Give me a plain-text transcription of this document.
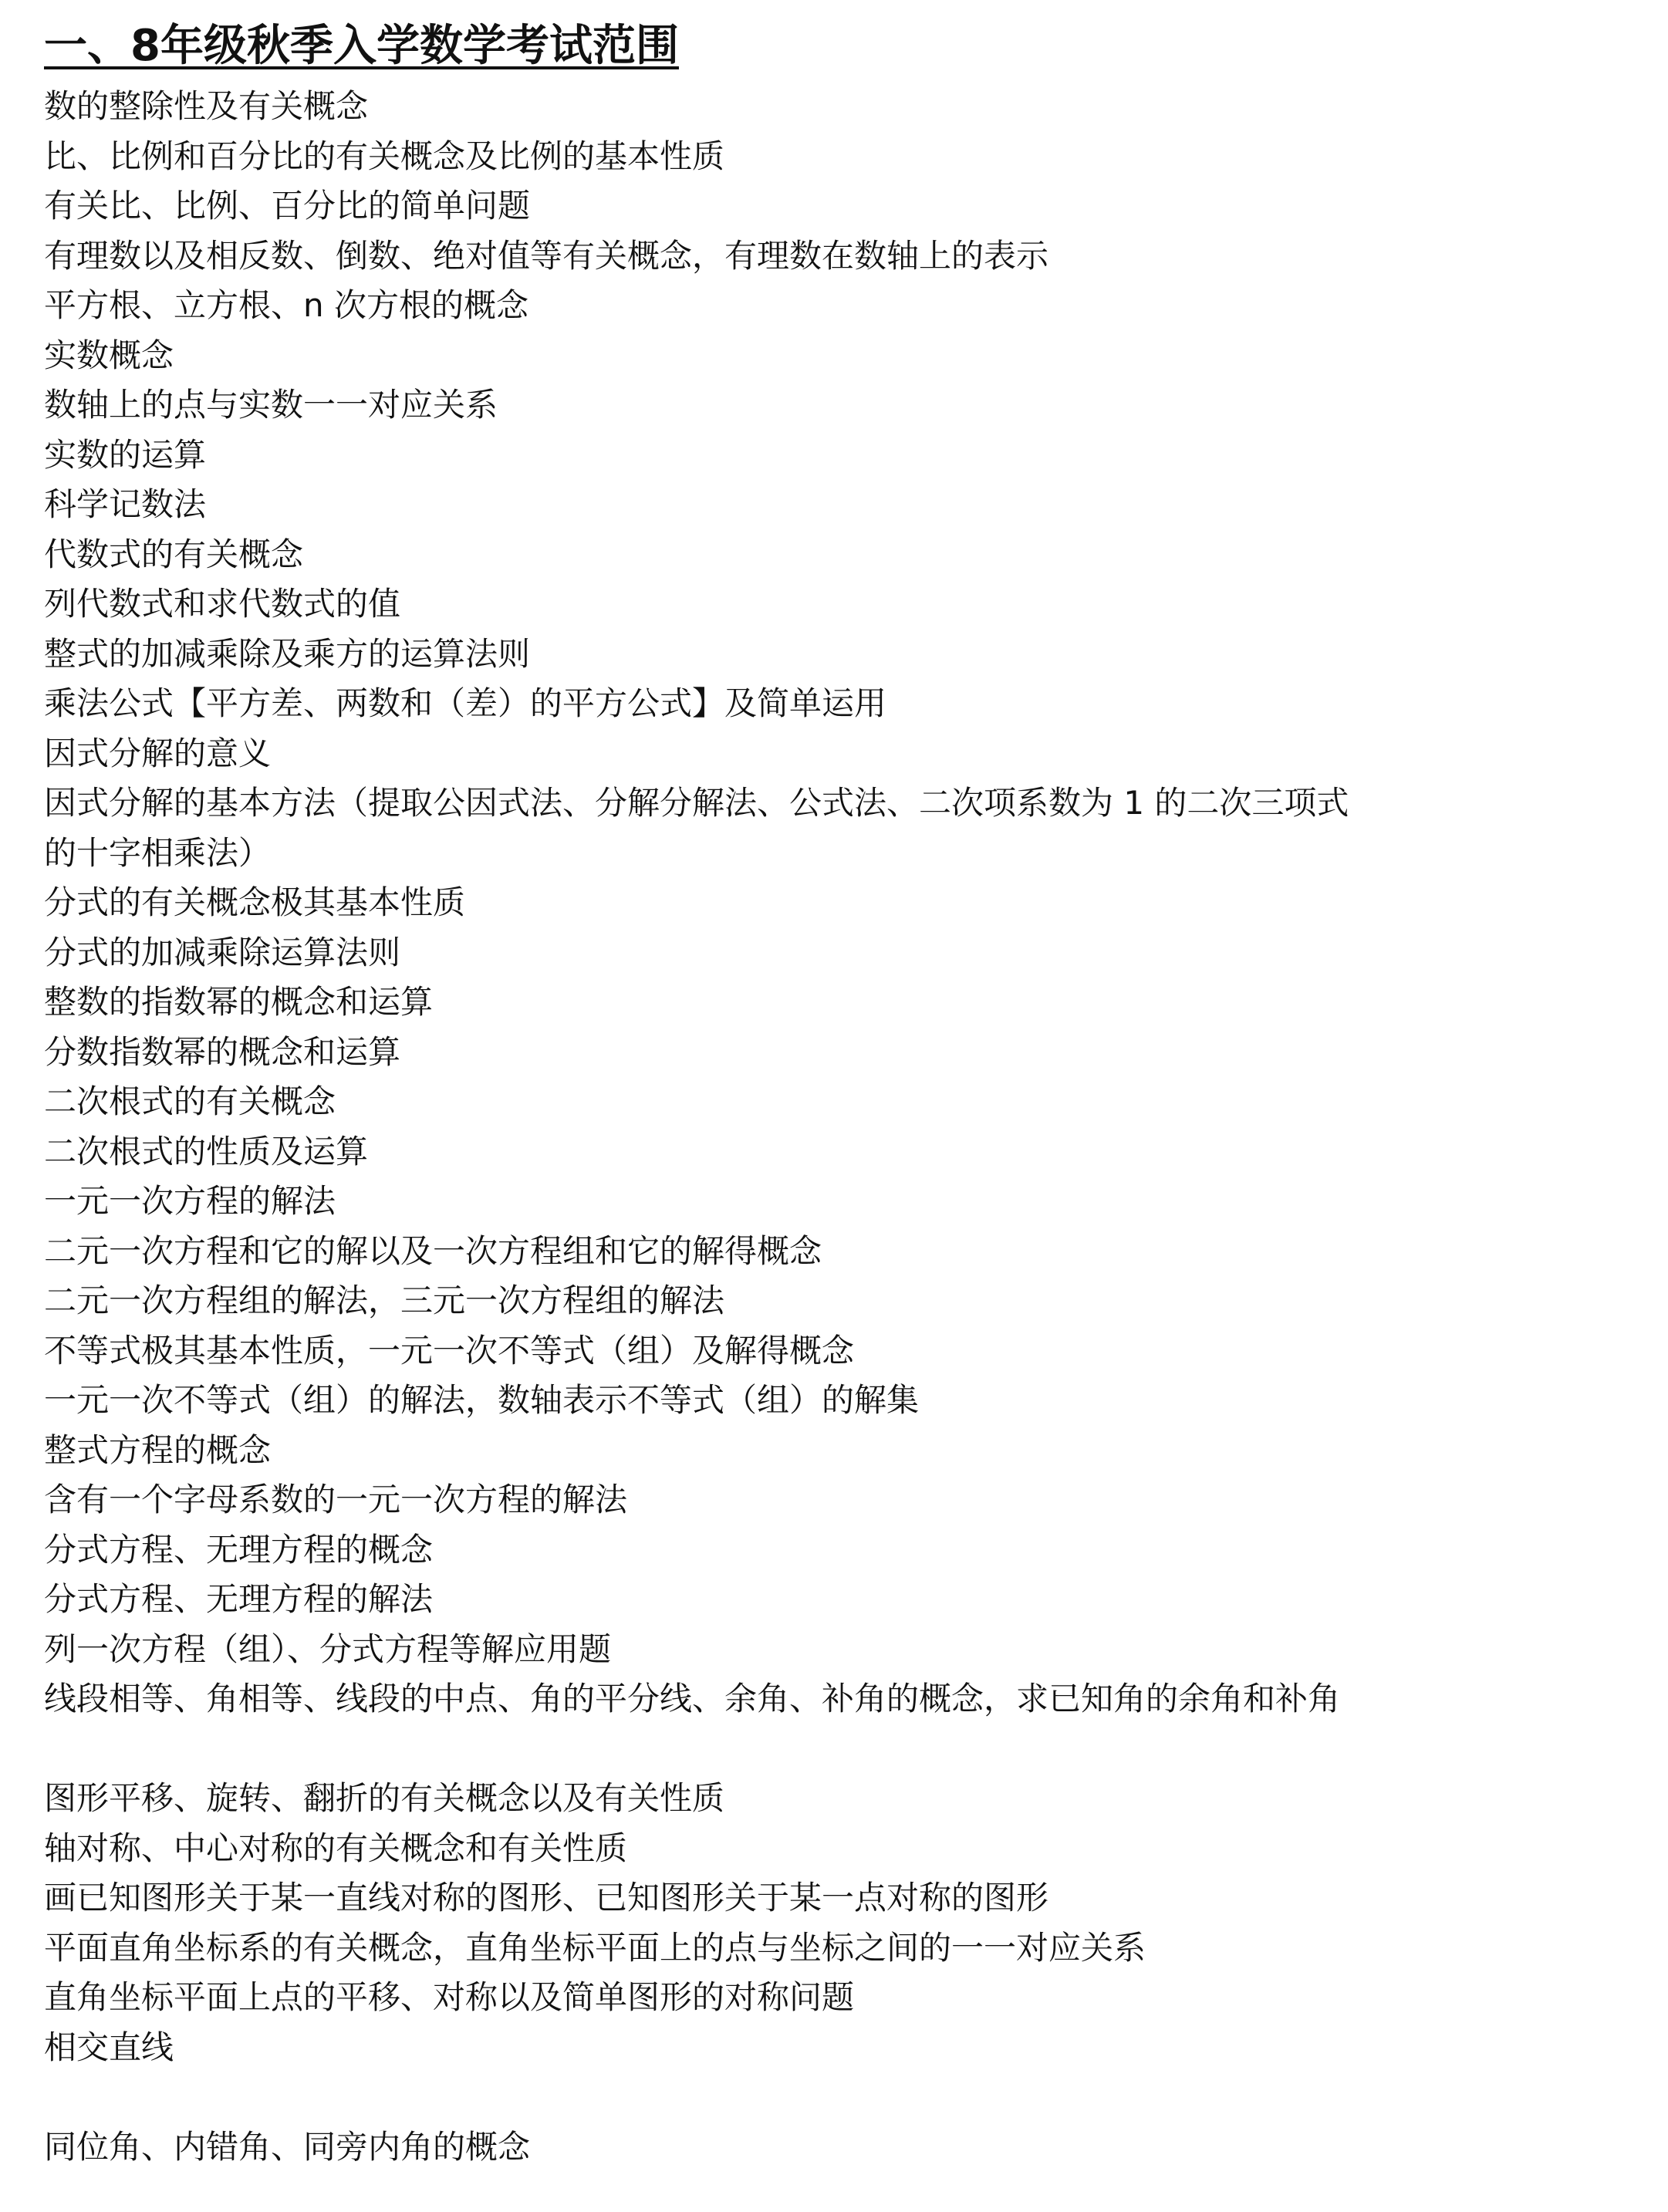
一、8年级秋季入学数学考试范围
数的整除性及有关概念
比、比例和百分比的有关概念及比例的基本性质
有关比、比例、百分比的简单问题
有理数以及相反数、倒数、绝对值等有关概念，有理数在数轴上的表示
平方根、立方根、n 次方根的概念
实数概念
数轴上的点与实数一一对应关系
实数的运算
科学记数法
代数式的有关概念
列代数式和求代数式的值
整式的加减乘除及乘方的运算法则
乘法公式【平方差、两数和（差）的平方公式】及简单运用
因式分解的意义
因式分解的基本方法（提取公因式法、分解分解法、公式法、二次项系数为 1 的二次三项式
的十字相乘法）
分式的有关概念极其基本性质
分式的加减乘除运算法则
整数的指数幂的概念和运算
分数指数幂的概念和运算
二次根式的有关概念
二次根式的性质及运算
一元一次方程的解法
二元一次方程和它的解以及一次方程组和它的解得概念
二元一次方程组的解法，三元一次方程组的解法
不等式极其基本性质，一元一次不等式（组）及解得概念
一元一次不等式（组）的解法，数轴表示不等式（组）的解集
整式方程的概念
含有一个字母系数的一元一次方程的解法
分式方程、无理方程的概念
分式方程、无理方程的解法
列一次方程（组）、分式方程等解应用题
线段相等、角相等、线段的中点、角的平分线、余角、补角的概念，求已知角的余角和补角
图形平移、旋转、翻折的有关概念以及有关性质
轴对称、中心对称的有关概念和有关性质
画已知图形关于某一直线对称的图形、已知图形关于某一点对称的图形
平面直角坐标系的有关概念，直角坐标平面上的点与坐标之间的一一对应关系
直角坐标平面上点的平移、对称以及简单图形的对称问题
相交直线
同位角、内错角、同旁内角的概念
